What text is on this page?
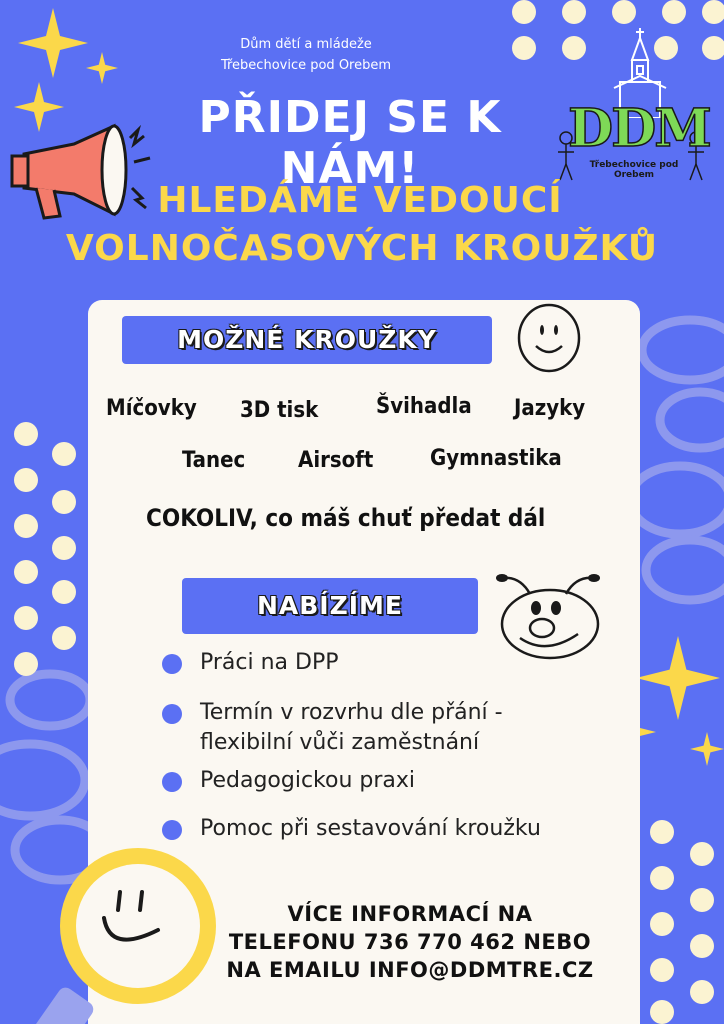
Dům dětí a mládeže
Třebechovice pod Orebem
PŘIDEJ SE K NÁM!
DDM
Třebechovice pod Orebem
HLEDÁME VEDOUCÍ
VOLNOČASOVÝCH KROUŽKŮ
MOŽNÉ KROUŽKY
Míčovky 3D tisk	Švihadla Jazyky
Tanec Airsoft	Gymnastika
COKOLIV, co máš chuť předat dál
NABÍZÍME
Práci na DPP
Termín v rozvrhu dle přání -
flexibilní vůči zaměstnání
Pedagogickou praxi
Pomoc při sestavování kroužku
VÍCE INFORMACÍ NA
TELEFONU 736 770 462 NEBO
NA EMAILU INFO@DDMTRE.CZ
